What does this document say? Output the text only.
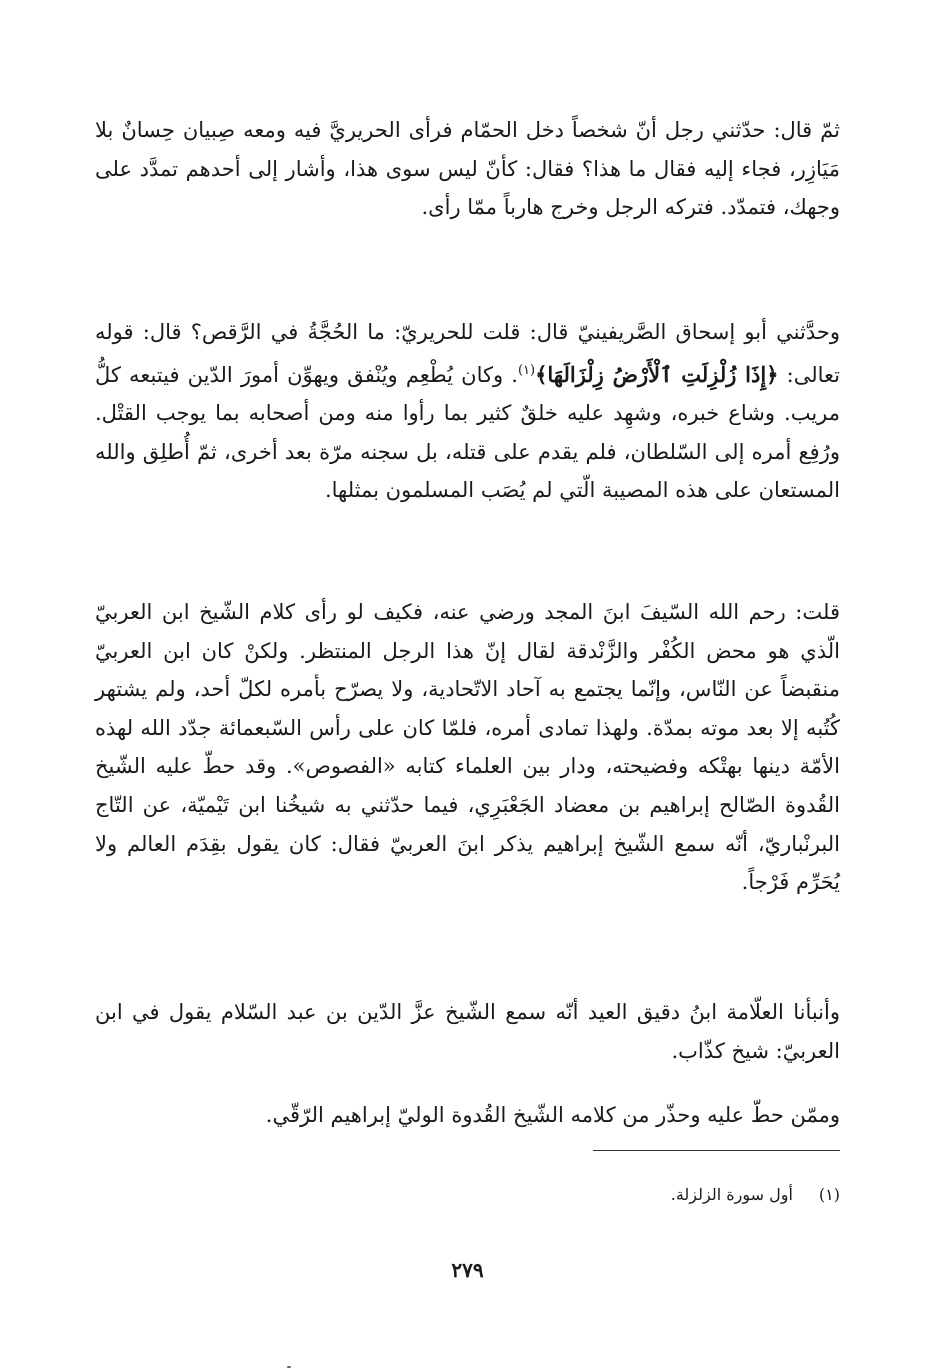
ثمّ قال: حدّثني رجل أنّ شخصاً دخل الحمّام فرأى الحريريَّ فيه ومعه صِبيان حِسانٌ بلا مَيَازِر، فجاء إليه فقال ما هذا؟ فقال: كأنّ ليس سوى هذا، وأشار إلى أحدهم تمدَّد على وجهك، فتمدّد. فتركه الرجل وخرج هارباً ممّا رأى.

وحدَّثني أبو إسحاق الصَّريفينيّ قال: قلت للحريريّ: ما الحُجَّةُ في الرَّقص؟ قال: قوله تعالى: ﴿إِذَا زُلْزِلَتِ ٱلْأَرْضُ زِلْزَالَهَا﴾$^{(١)}$. وكان يُطْعِم ويُنْفق ويهوِّن أمورَ الدّين فيتبعه كلُّ مريب. وشاع خبره، وشهِد عليه خلقٌ كثير بما رأوا منه ومن أصحابه بما يوجب القتْل. ورُفِع أمره إلى السّلطان، فلم يقدم على قتله، بل سجنه مرّة بعد أخرى، ثمّ أُطلِق والله المستعان على هذه المصيبة الّتي لم يُصَب المسلمون بمثلها.

قلت: رحم الله السّيفَ ابنَ المجد ورضي عنه، فكيف لو رأى كلام الشّيخ ابن العربيّ الّذي هو محض الكُفْر والزَّنْدقة لقال إنّ هذا الرجل المنتظر. ولكنْ كان ابن العربيّ منقبضاً عن النّاس، وإنّما يجتمع به آحاد الاتّحادية، ولا يصرّح بأمره لكلّ أحد، ولم يشتهر كُتُبه إلا بعد موته بمدّة. ولهذا تمادى أمره، فلمّا كان على رأس السّبعمائة جدّد الله لهذه الأمّة دينها بهتْكه وفضيحته، ودار بين العلماء كتابه «الفصوص». وقد حطّ عليه الشّيخ القُدوة الصّالح إبراهيم بن معضاد الجَعْبَرِي، فيما حدّثني به شيخُنا ابن تَيْميّة، عن التّاج البرنْباريّ، أنّه سمع الشّيخ إبراهيم يذكر ابنَ العربيّ فقال: كان يقول بقِدَم العالم ولا يُحَرِّم فَرْجاً.

وأنبأنا العلّامة ابنُ دقيق العيد أنّه سمع الشّيخ عزَّ الدّين بن عبد السّلام يقول في ابن العربيّ: شيخ كذّاب.

وممّن حطّ عليه وحذّر من كلامه الشّيخ القُدوة الوليّ إبراهيم الرّقّي.

(١)أول سورة الزلزلة.
٢٧٩
